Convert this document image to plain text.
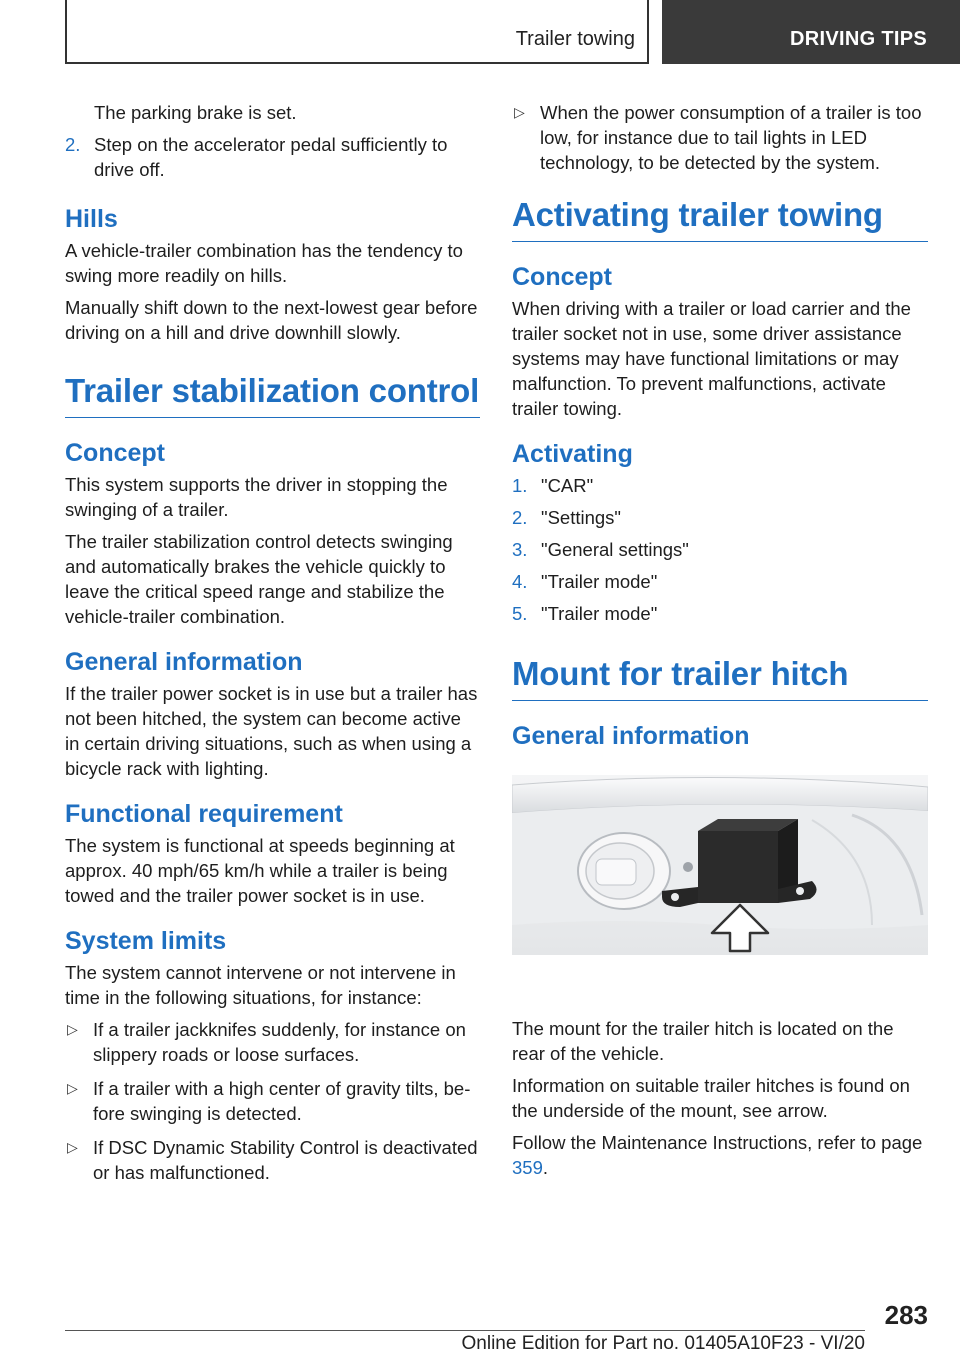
Trailer towing	DRIVING TIPS

The parking brake is set.

2. Step on the accelerator pedal sufficiently to drive off.
Hills

A vehicle-trailer combination has the tendency to swing more readily on hills.

Manually shift down to the next-lowest gear before driving on a hill and drive downhill slowly.

Trailer stabilization control
Concept

This system supports the driver in stopping the swinging of a trailer.

The trailer stabilization control detects swinging and automatically brakes the vehicle quickly to leave the critical speed range and stabilize the vehicle-trailer combination.

General information

If the trailer power socket is in use but a trailer has not been hitched, the system can become active in certain driving situations, such as when using a bicycle rack with lighting.

Functional requirement

The system is functional at speeds beginning at approx. 40 mph/65 km/h while a trailer is being towed and the trailer power socket is in use.

System limits

The system cannot intervene or not intervene in time in the following situations, for instance:

▷ If a trailer jackknifes suddenly, for instance on slippery roads or loose surfaces.
▷ If a trailer with a high center of gravity tilts, before swinging is detected.
▷ If DSC Dynamic Stability Control is deactivated or has malfunctioned.
▷ When the power consumption of a trailer is too low, for instance due to tail lights in LED technology, to be detected by the system.
Activating trailer towing
Concept

When driving with a trailer or load carrier and the trailer socket not in use, some driver assistance systems may have functional limitations or may malfunction. To prevent malfunctions, activate trailer towing.

Activating
1. "CAR"
2. "Settings"
3. "General settings"
4. "Trailer mode"
5. "Trailer mode"
Mount for trailer hitch
General information

The mount for the trailer hitch is located on the rear of the vehicle.

Information on suitable trailer hitches is found on the underside of the mount, see arrow.

Follow the Maintenance Instructions, refer to page 359.

283
Online Edition for Part no. 01405A10F23 - VI/20
